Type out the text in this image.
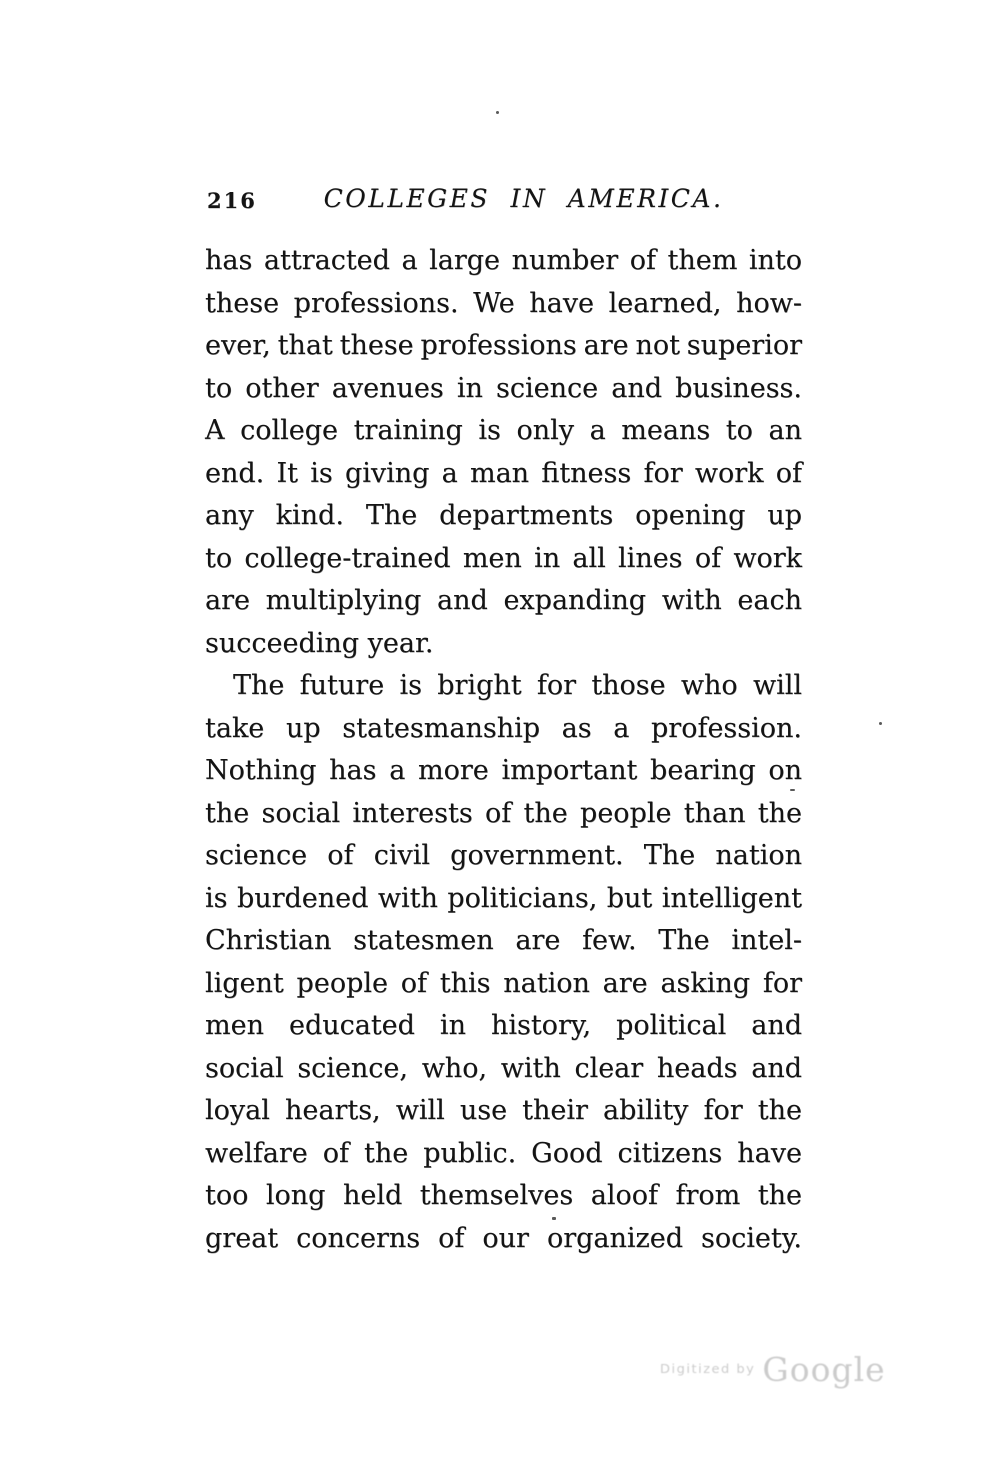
216	COLLEGES IN AMERICA.
has attracted a large number of them into
these professions. We have learned, how-
ever, that these professions are not superior
to other avenues in science and business.
A college training is only a means to an
end. It is giving a man fitness for work of
any kind. The departments opening up
to college-trained men in all lines of work
are multiplying and expanding with each
succeeding year.
The future is bright for those who will
take up statesmanship as a profession.
Nothing has a more important bearing on
the social interests of the people than the
science of civil government. The nation
is burdened with politicians, but intelligent
Christian statesmen are few. The intel-
ligent people of this nation are asking for
men educated in history, political and
social science, who, with clear heads and
loyal hearts, will use their ability for the
welfare of the public. Good citizens have
too long held themselves aloof from the
great concerns of our organized society.
Digitized by Google
